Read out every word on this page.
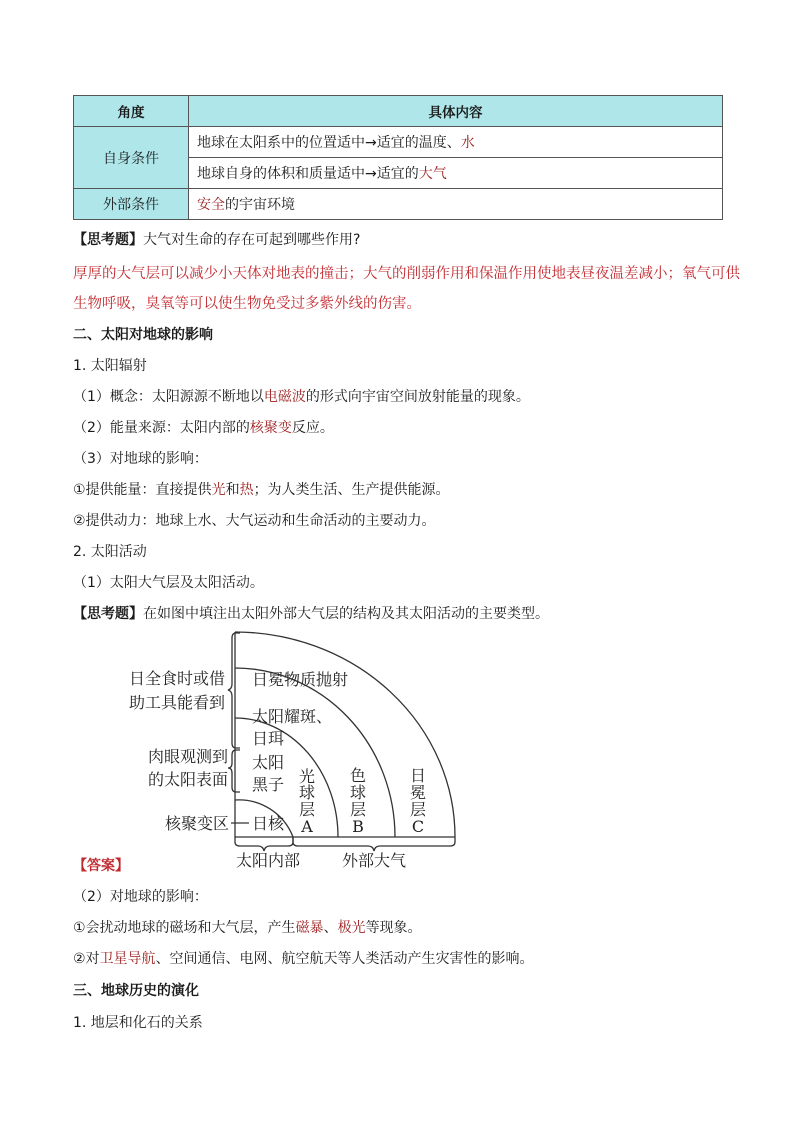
角度	具体内容
自身条件	地球在太阳系中的位置适中→适宜的温度、水
	地球自身的体积和质量适中→适宜的大气
外部条件	安全的宇宙环境
【思考题】大气对生命的存在可起到哪些作用?
厚厚的大气层可以减少小天体对地表的撞击；大气的削弱作用和保温作用使地表昼夜温差减小；氧气可供
生物呼吸，臭氧等可以使生物免受过多紫外线的伤害。
二、太阳对地球的影响
1. 太阳辐射
（1）概念：太阳源源不断地以电磁波的形式向宇宙空间放射能量的现象。
（2）能量来源：太阳内部的核聚变反应。
（3）对地球的影响：
①提供能量：直接提供光和热；为人类生活、生产提供能源。
②提供动力：地球上水、大气运动和生命活动的主要动力。
2. 太阳活动
（1）太阳大气层及太阳活动。
【思考题】在如图中填注出太阳外部大气层的结构及其太阳活动的主要类型。
日全食时或借
助工具能看到
肉眼观测到
的太阳表面
核聚变区
日冕物质抛射
太阳耀斑、
日珥
太阳
黑子
日核
光
球
层
A
色
球
层
B
日
冕
层
C
太阳内部	外部大气
【答案】
（2）对地球的影响：
①会扰动地球的磁场和大气层，产生磁暴、极光等现象。
②对卫星导航、空间通信、电网、航空航天等人类活动产生灾害性的影响。
三、地球历史的演化
1. 地层和化石的关系
